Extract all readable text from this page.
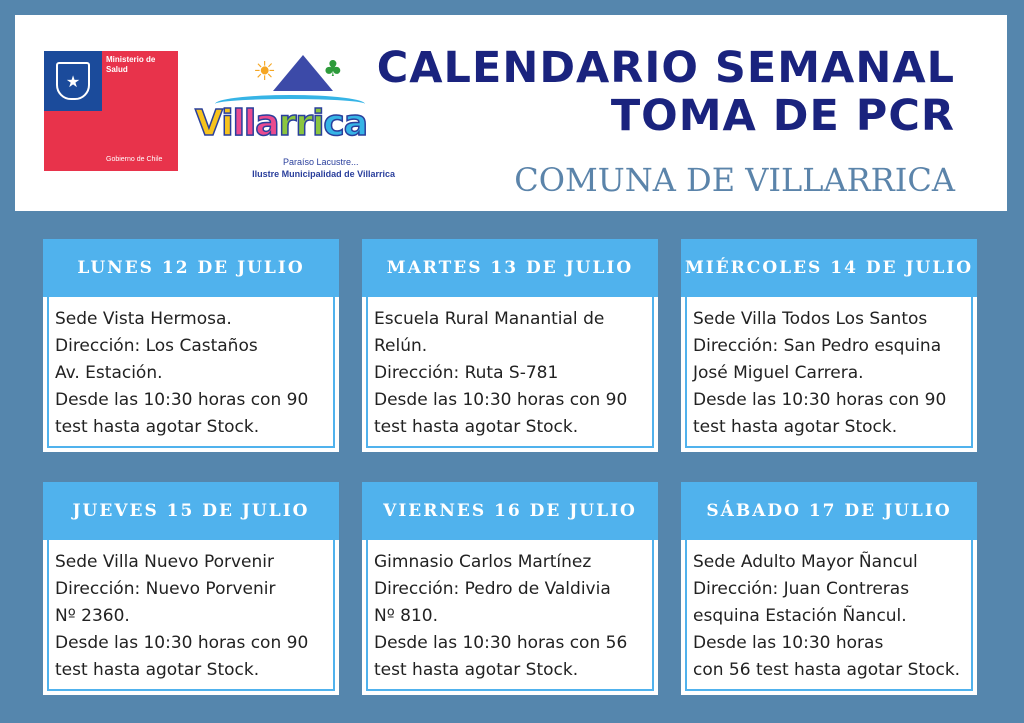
★
Ministerio de
Salud
Gobierno de Chile
☀ ♣
Villarrica
Paraíso Lacustre...
Ilustre Municipalidad de Villarrica
CALENDARIO SEMANAL
TOMA DE PCR
COMUNA DE VILLARRICA
LUNES 12 DE JULIO
Sede Vista Hermosa.
Dirección: Los Castaños
Av. Estación.
Desde las 10:30 horas con 90
test hasta agotar Stock.
MARTES 13 DE JULIO
Escuela Rural Manantial de
Relún.
Dirección: Ruta S-781
Desde las 10:30 horas con 90
test hasta agotar Stock.
MIÉRCOLES 14 DE JULIO
Sede Villa Todos Los Santos
Dirección: San Pedro esquina
José Miguel Carrera.
Desde las 10:30 horas con 90
test hasta agotar Stock.
JUEVES 15 DE JULIO
Sede Villa Nuevo Porvenir
Dirección: Nuevo Porvenir
Nº 2360.
Desde las 10:30 horas con 90
test hasta agotar Stock.
VIERNES 16 DE JULIO
Gimnasio Carlos Martínez
Dirección: Pedro de Valdivia
Nº 810.
Desde las 10:30 horas con 56
test hasta agotar Stock.
SÁBADO 17 DE JULIO
Sede Adulto Mayor Ñancul
Dirección: Juan Contreras
esquina Estación Ñancul.
Desde las 10:30 horas
con 56 test hasta agotar Stock.
